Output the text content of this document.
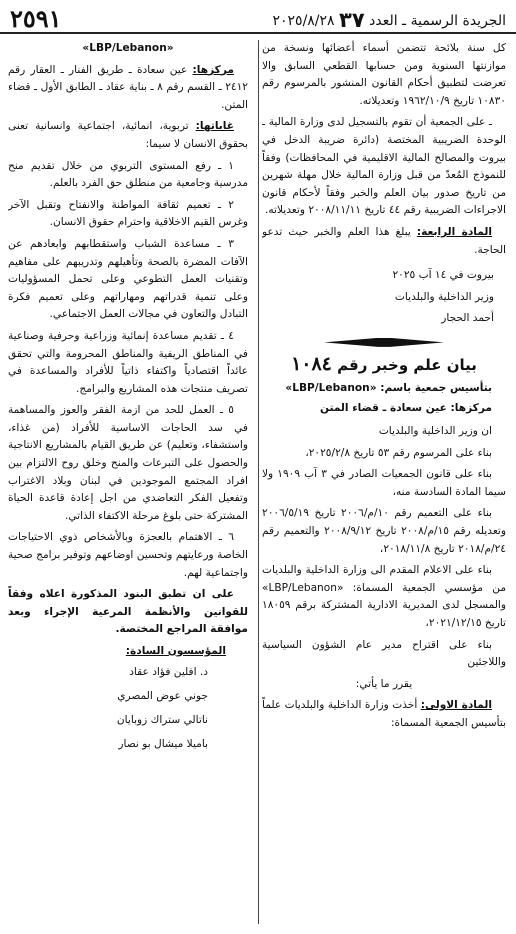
٢٥٩١	الجريدة الرسمية ـ العدد ٣٧ ٢٠٢٥/٨/٢٨

كل سنة بلائحة تتضمن أسماء أعضائها ونسخة من موازنتها السنوية ومن حسابها القطعي السابق والا تعرضت لتطبيق أحكام القانون المنشور بالمرسوم رقم ١٠٨٣٠ تاريخ ١٩٦٢/١٠/٩ وتعديلاته.

ـ على الجمعية أن تقوم بالتسجيل لدى وزارة المالية ـ الوحدة الضريبية المختصة (دائرة ضريبة الدخل في بيروت والمصالح المالية الاقليمية في المحافظات) وفقاً للنموذج المُعدّ من قبل وزارة المالية خلال مهلة شهرين من تاريخ صدور بيان العلم والخبر وفقاً لأحكام قانون الاجراءات الضريبية رقم ٤٤ تاريخ ٢٠٠٨/١١/١١ وتعديلاته.

المادة الرابعة: يبلغ هذا العلم والخبر حيث تدعو الحاجة.

بيروت في ١٤ آب ٢٠٢٥

وزير الداخلية والبلديات

أحمد الحجار

بيان علم وخبر رقم ١٠٨٤

بتأسيس جمعية باسم: «LBP/Lebanon»

مركزها: عين سعادة ـ قضاء المتن

ان وزير الداخلية والبلديات

بناء على المرسوم رقم ٥٣ تاريخ ٢٠٢٥/٢/٨،

بناء على قانون الجمعيات الصادر في ٣ آب ١٩٠٩ ولا سيما المادة السادسة منه،

بناء على التعميم رقم ١٠/م/٢٠٠٦ تاريخ ٢٠٠٦/٥/١٩ وتعديله رقم ١٥/م/٢٠٠٨ تاريخ ٢٠٠٨/٩/١٢ والتعميم رقم ٢٤/م/٢٠١٨ تاريخ ٢٠١٨/١١/٨،

بناء على الاعلام المقدم الى وزارة الداخلية والبلديات من مؤسسي الجمعية المسماة: «LBP/Lebanon» والمسجل لدى المديرية الادارية المشتركة برقم ١٨٠٥٩ تاريخ ٢٠٢١/١٢/١٥،

بناء على اقتراح مدير عام الشؤون السياسية واللاجئين

يقرر ما يأتي:

المادة الاولى: أخذت وزارة الداخلية والبلديات علماً بتأسيس الجمعية المسماة:

«LBP/Lebanon»

مركزها: عين سعادة ـ طريق الفنار ـ العقار رقم ٢٤١٢ ـ القسم رقم ٨ ـ بناية عقاد ـ الطابق الأول ـ قضاء المتن.

غاياتها: تربوية، انمائية، اجتماعية وانسانية تعنى بحقوق الانسان لا سيما:

١ ـ رفع المستوى التربوي من خلال تقديم منح مدرسية وجامعية من منطلق حق الفرد بالعلم.

٢ ـ تعميم ثقافة المواطنة والانفتاح وتقبل الآخر وغرس القيم الاخلاقية واحترام حقوق الانسان.

٣ ـ مساعدة الشباب واستقطابهم وابعادهم عن الآفات المضرة بالصحة وتأهيلهم وتدريبهم على مفاهيم وتقنيات العمل التطوعي وعلى تحمل المسؤوليات وعلى تنمية قدراتهم ومهاراتهم وعلى تعميم فكرة التبادل والتعاون في مجالات العمل الاجتماعي.

٤ ـ تقديم مساعدة إنمائية وزراعية وحرفية وصناعية في المناطق الريفية والمناطق المحرومة والتي تحقق عائداً اقتصادياً واكتفاء ذاتياً للأفراد والمساعدة في تصريف منتجات هذه المشاريع والبرامج.

٥ ـ العمل للحد من ازمة الفقر والعوز والمساهمة في سد الحاجات الاساسية للأفراد (من غذاء، واستشفاء، وتعليم) عن طريق القيام بالمشاريع الانتاجية والحصول على التبرعات والمنح وخلق روح الالتزام بين افراد المجتمع الموجودين في لبنان وبلاد الاغتراب وتفعيل الفكر التعاضدي من اجل إعادة قاعدة الحياة المشتركة حتى بلوغ مرحلة الاكتفاء الذاتي.

٦ ـ الاهتمام بالعجزة وبالأشخاص ذوي الاحتياجات الخاصة ورعايتهم وتحسين اوضاعهم وتوفير برامج صحية واجتماعية لهم.

على ان تطبق البنود المذكورة اعلاه وفقاً للقوانين والأنظمة المرعية الإجراء وبعد موافقة المراجع المختصة.

المؤسسون السادة:

د. افلين فؤاد عقاد

جوني عوض المصري

ناتالي ستراك زوبايان

باميلا ميشال بو نصار
